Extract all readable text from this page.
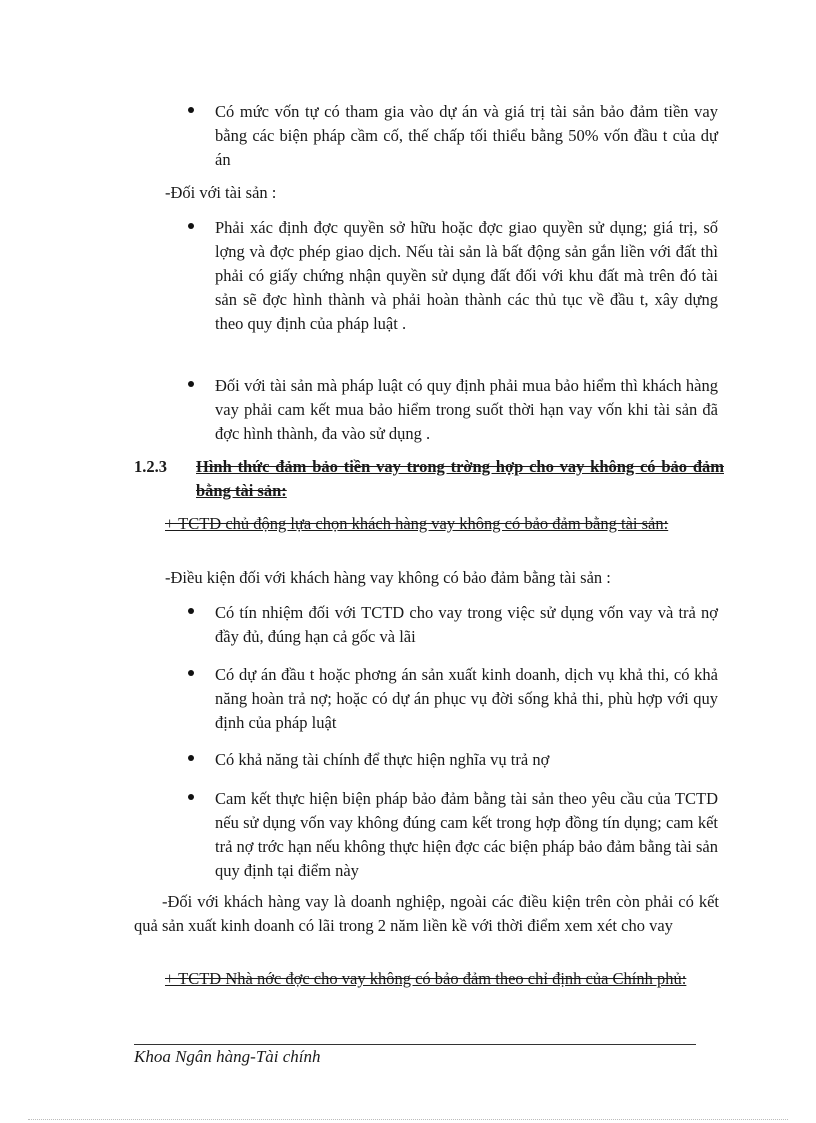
Có mức vốn tự có tham gia vào dự án và giá trị tài sản bảo đảm tiền vay bằng các biện pháp cầm cố, thế chấp tối thiểu bằng 50% vốn đầu t của dự án
-Đối với tài sản :
Phải xác định đợc quyền sở hữu hoặc đợc giao quyền sử dụng; giá trị, số lợng và đợc phép giao dịch. Nếu tài sản là bất động sản gắn liền với đất thì phải có giấy chứng nhận quyền sử dụng đất đối với khu đất mà trên đó tài sản sẽ đợc hình thành và phải hoàn thành các thủ tục về đầu t, xây dựng theo quy định của pháp luật .
Đối với tài sản mà pháp luật có quy định phải mua bảo hiểm thì khách hàng vay phải cam kết mua bảo hiểm trong suốt thời hạn vay vốn khi tài sản đã đợc hình thành, đa vào sử dụng .
1.2.3 Hình thức đảm bảo tiền vay trong trờng hợp cho vay không có bảo đảm bằng tài sản:
+ TCTD chủ động lựa chọn khách hàng vay không có bảo đảm bằng tài sản:
-Điều kiện đối với khách hàng vay không có bảo đảm bằng tài sản :
Có tín nhiệm đối với TCTD cho vay trong việc sử dụng vốn vay và trả nợ đầy đủ, đúng hạn cả gốc và lãi
Có dự án đầu t hoặc phơng án sản xuất kinh doanh, dịch vụ khả thi, có khả năng hoàn trả nợ; hoặc có dự án phục vụ đời sống khả thi, phù hợp với quy định của pháp luật
Có khả năng tài chính để thực hiện nghĩa vụ trả nợ
Cam kết thực hiện biện pháp bảo đảm bằng tài sản theo yêu cầu của TCTD nếu sử dụng vốn vay không đúng cam kết trong hợp đồng tín dụng; cam kết trả nợ trớc hạn nếu không thực hiện đợc các biện pháp bảo đảm bằng tài sản quy định tại điểm này
-Đối với khách hàng vay là doanh nghiệp, ngoài các điều kiện trên còn phải có kết quả sản xuất kinh doanh có lãi trong 2 năm liền kề với thời điểm xem xét cho vay
+ TCTD Nhà nớc đợc cho vay không có bảo đảm theo chỉ định của Chính phủ:
Khoa Ngân hàng-Tài chính
